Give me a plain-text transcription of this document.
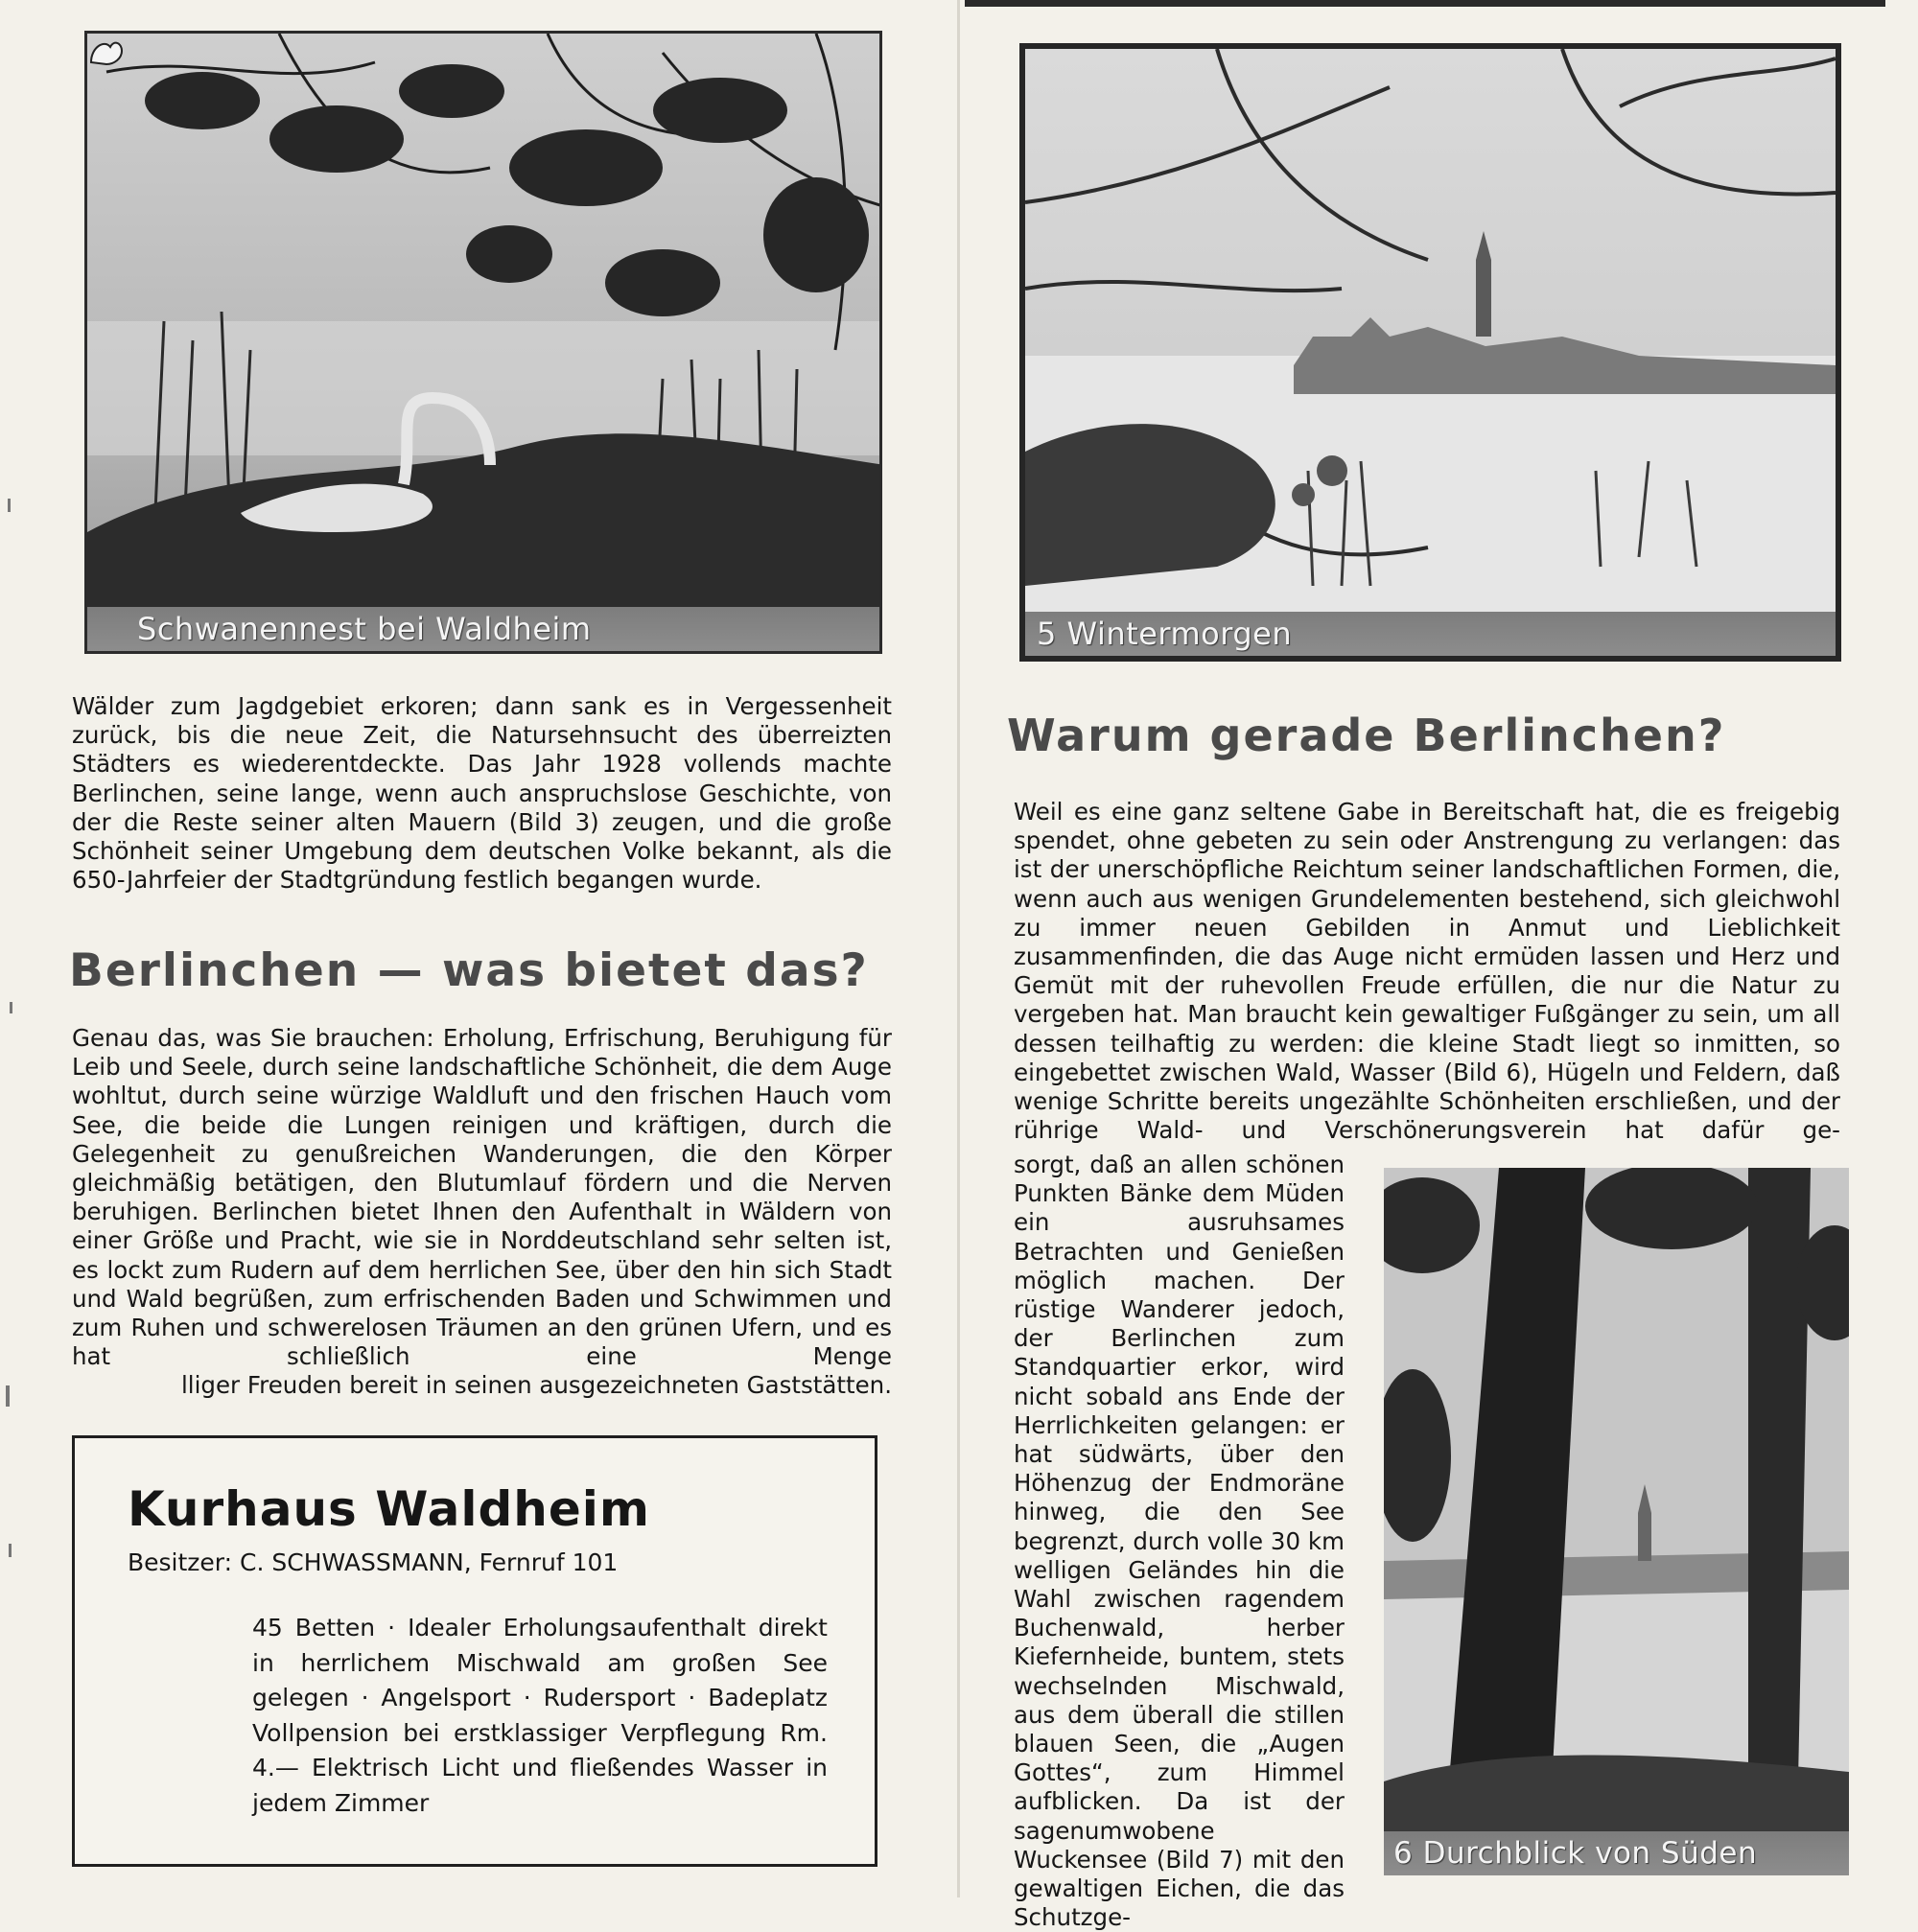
Schwanennest bei Waldheim
Wälder zum Jagdgebiet erkoren; dann sank es in Vergessenheit zurück, bis die neue Zeit, die Natursehnsucht des überreizten Städters es wiederentdeckte. Das Jahr 1928 vollends machte Berlinchen, seine lange, wenn auch anspruchslose Geschichte, von der die Reste seiner alten Mauern (Bild 3) zeugen, und die große Schönheit seiner Umgebung dem deutschen Volke bekannt, als die 650-Jahrfeier der Stadtgründung festlich begangen wurde.
Berlinchen — was bietet das?
Genau das, was Sie brauchen: Erholung, Erfrischung, Beruhigung für Leib und Seele, durch seine landschaftliche Schönheit, die dem Auge wohltut, durch seine würzige Waldluft und den frischen Hauch vom See, die beide die Lungen reinigen und kräftigen, durch die Gelegenheit zu genußreichen Wanderungen, die den Körper gleichmäßig betätigen, den Blutumlauf fördern und die Nerven beruhigen. Berlinchen bietet Ihnen den Aufenthalt in Wäldern von einer Größe und Pracht, wie sie in Norddeutschland sehr selten ist, es lockt zum Rudern auf dem herrlichen See, über den hin sich Stadt und Wald begrüßen, zum erfrischenden Baden und Schwimmen und zum Ruhen und schwerelosen Träumen an den grünen Ufern, und es hat schließlich eine Menge
lliger Freuden bereit in seinen ausgezeichneten Gaststätten.
Kurhaus Waldheim
Besitzer: C. SCHWASSMANN, Fernruf 101
45 Betten · Idealer Erholungsaufenthalt direkt in herrlichem Mischwald am großen See gelegen · Angelsport · Rudersport · Badeplatz Vollpension bei erstklassiger Verpflegung Rm. 4.— Elektrisch Licht und fließendes Wasser in jedem Zimmer
5 Wintermorgen
Warum gerade Berlinchen?
Weil es eine ganz seltene Gabe in Bereitschaft hat, die es freigebig spendet, ohne gebeten zu sein oder Anstrengung zu verlangen: das ist der unerschöpfliche Reichtum seiner landschaftlichen Formen, die, wenn auch aus wenigen Grundelementen bestehend, sich gleichwohl zu immer neuen Gebilden in Anmut und Lieblichkeit zusammenfinden, die das Auge nicht ermüden lassen und Herz und Gemüt mit der ruhevollen Freude erfüllen, die nur die Natur zu vergeben hat. Man braucht kein gewaltiger Fußgänger zu sein, um all dessen teilhaftig zu werden: die kleine Stadt liegt so inmitten, so eingebettet zwischen Wald, Wasser (Bild 6), Hügeln und Feldern, daß wenige Schritte bereits ungezählte Schönheiten erschließen, und der rührige Wald- und Verschönerungsverein hat dafür ge-
sorgt, daß an allen schönen Punkten Bänke dem Müden ein ausruhsames Betrachten und Genießen möglich machen. Der rüstige Wanderer jedoch, der Berlinchen zum Standquartier erkor, wird nicht sobald ans Ende der Herrlichkeiten gelangen: er hat südwärts, über den Höhenzug der Endmoräne hinweg, die den See begrenzt, durch volle 30 km welligen Geländes hin die Wahl zwischen ragendem Buchenwald, herber Kiefernheide, buntem, stets wechselnden Mischwald, aus dem überall die stillen blauen Seen, die „Augen Gottes“, zum Himmel aufblicken. Da ist der sagenumwobene Wuckensee (Bild 7) mit den gewaltigen Eichen, die das Schutzge-
6 Durchblick von Süden
